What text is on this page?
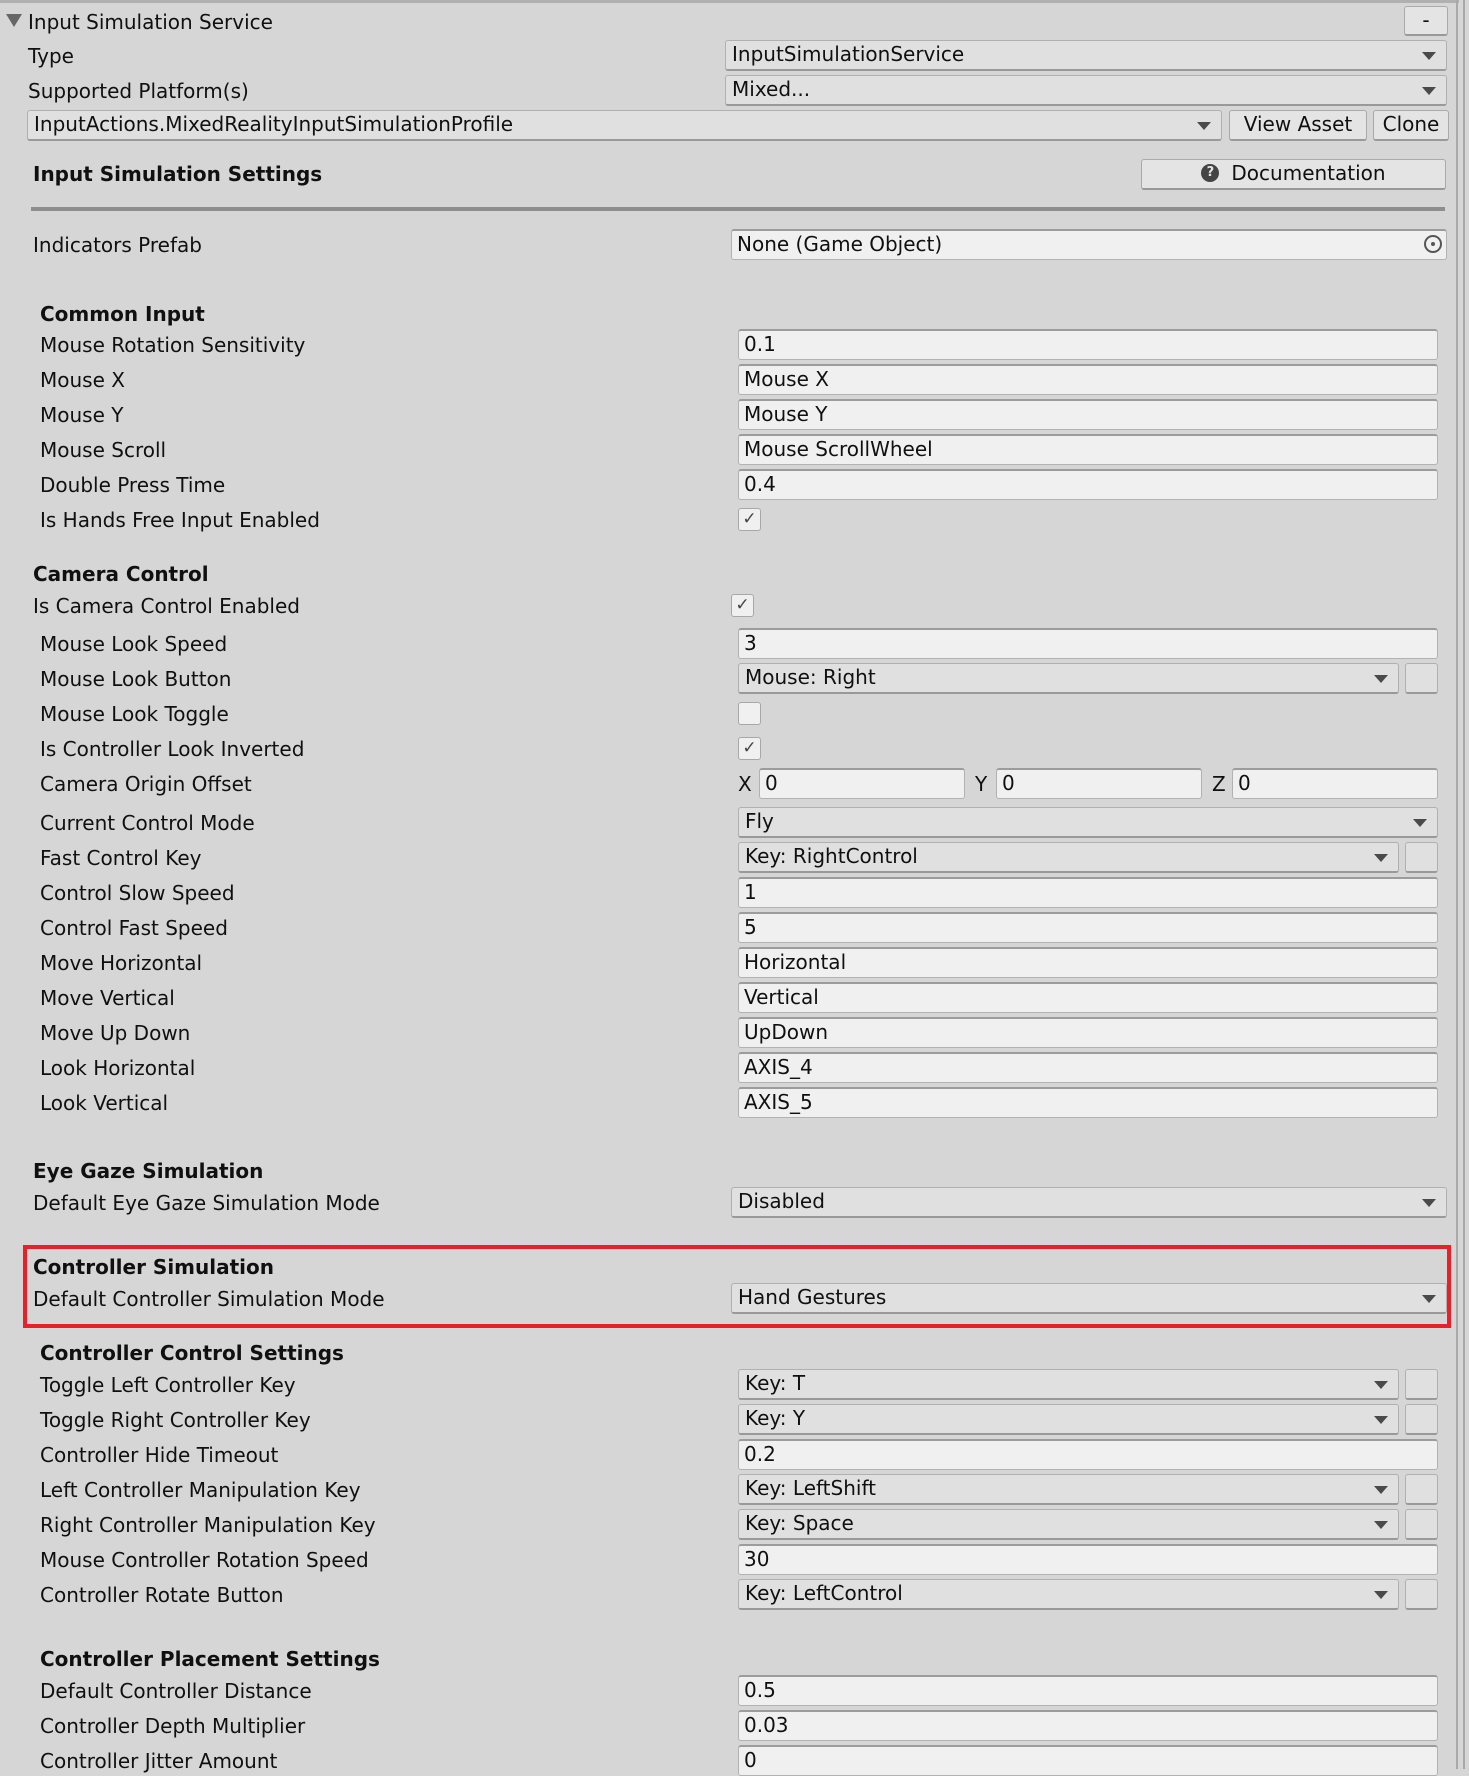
Input Simulation Service	-
Type	InputSimulationService
Supported Platform(s)	Mixed...
InputActions.MixedRealityInputSimulationProfile	View Asset	Clone
Input Simulation Settings	? Documentation
Indicators Prefab	None (Game Object)
Common Input
Mouse Rotation Sensitivity	0.1
Mouse X	Mouse X
Mouse Y	Mouse Y
Mouse Scroll	Mouse ScrollWheel
Double Press Time	0.4
Is Hands Free Input Enabled	✓
Camera Control
Is Camera Control Enabled	✓
Mouse Look Speed	3
Mouse Look Button	Mouse: Right
Mouse Look Toggle
Is Controller Look Inverted	✓
Camera Origin Offset	X 0	Y 0	Z 0
Current Control Mode	Fly
Fast Control Key	Key: RightControl
Control Slow Speed	1
Control Fast Speed	5
Move Horizontal	Horizontal
Move Vertical	Vertical
Move Up Down	UpDown
Look Horizontal	AXIS_4
Look Vertical	AXIS_5
Eye Gaze Simulation
Default Eye Gaze Simulation Mode	Disabled
Controller Simulation
Default Controller Simulation Mode	Hand Gestures
Controller Control Settings
Toggle Left Controller Key	Key: T
Toggle Right Controller Key	Key: Y
Controller Hide Timeout	0.2
Left Controller Manipulation Key	Key: LeftShift
Right Controller Manipulation Key	Key: Space
Mouse Controller Rotation Speed	30
Controller Rotate Button	Key: LeftControl
Controller Placement Settings
Default Controller Distance	0.5
Controller Depth Multiplier	0.03
Controller Jitter Amount	0
